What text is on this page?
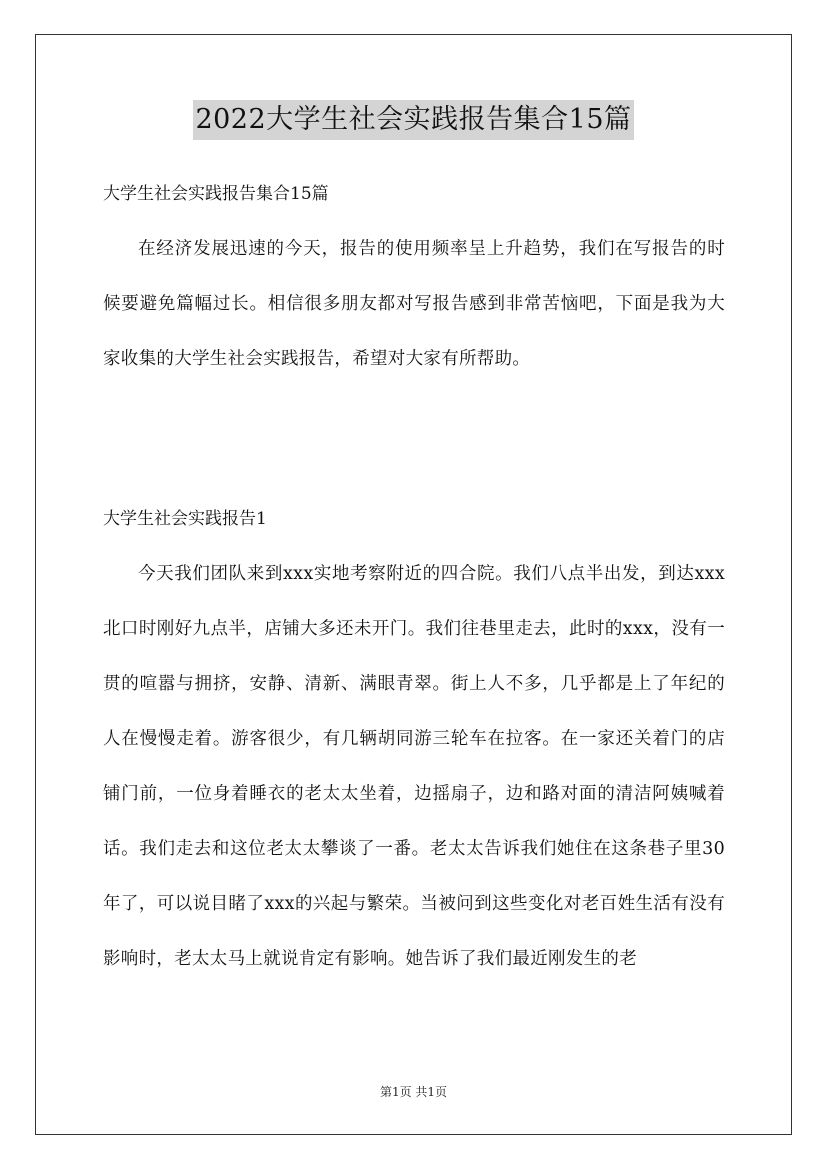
2022大学生社会实践报告集合15篇
大学生社会实践报告集合15篇

在经济发展迅速的今天，报告的使用频率呈上升趋势，我们在写报告的时候要避免篇幅过长。相信很多朋友都对写报告感到非常苦恼吧，下面是我为大家收集的大学生社会实践报告，希望对大家有所帮助。

大学生社会实践报告1

今天我们团队来到xxx实地考察附近的四合院。我们八点半出发，到达xxx北口时刚好九点半，店铺大多还未开门。我们往巷里走去，此时的xxx，没有一贯的喧嚣与拥挤，安静、清新、满眼青翠。街上人不多，几乎都是上了年纪的人在慢慢走着。游客很少，有几辆胡同游三轮车在拉客。在一家还关着门的店铺门前，一位身着睡衣的老太太坐着，边摇扇子，边和路对面的清洁阿姨喊着话。我们走去和这位老太太攀谈了一番。老太太告诉我们她住在这条巷子里30年了，可以说目睹了xxx的兴起与繁荣。当被问到这些变化对老百姓生活有没有影响时，老太太马上就说肯定有影响。她告诉了我们最近刚发生的老

第1页 共1页
